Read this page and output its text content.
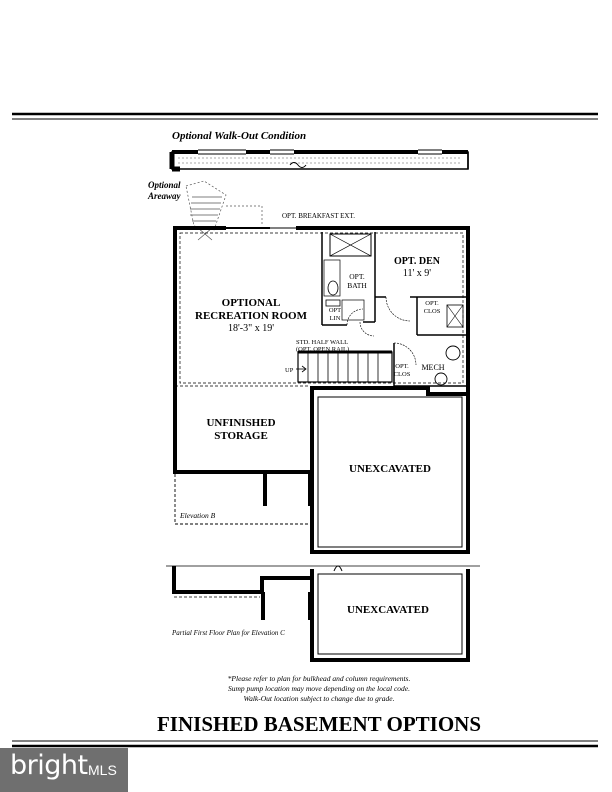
Optional Walk-Out Condition
Optional
Areaway
OPT. BREAKFAST EXT.
OPTIONAL
RECREATION ROOM
18'-3" x 19'
OPT. DEN
11' x 9'
OPT.
BATH
OPT
LIN
OPT.
CLOS
STD. HALF WALL
(OPT. OPEN RAIL)
UP
OPT.
CLOS
MECH
UNFINISHED
STORAGE
UNEXCAVATED
Elevation B
UNEXCAVATED
Partial First Floor Plan for Elevation C
*Please refer to plan for bulkhead and column requirements.
Sump pump location may move depending on the local code.
Walk-Out location subject to change due to grade.
FINISHED BASEMENT OPTIONS
bright MLS
